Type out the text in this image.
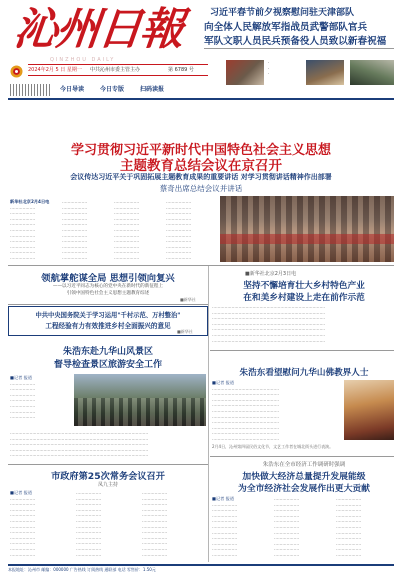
沁州日報
QINZHOU DAILY
2024年2月 5 日 星期一 中共沁州市委主管主办	第 6789 号
习近平春节前夕视察慰问驻天津部队
向全体人民解放军指战员武警部队官兵
军队文职人员民兵预备役人员致以新春祝福
·
·
·
今日导读	今日专版	扫码读报
学习贯彻习近平新时代中国特色社会主义思想
主题教育总结会议在京召开
会议传达习近平关于巩固拓展主题教育成果的重要讲话 对学习贯彻讲话精神作出部署
蔡奇出席总结会议并讲话
新华社北京2月4日电
………………
………………
………………
………………
………………
………………
………………
………………
………………
………………
………………
………………
………………
………………
………………
………………
………………
………………
………………
………………
………………
………………
………………
………………
………………
………………
………………
………………
………………
………………
………………
………………
………………
………………
………………
………………
………………
………………
………………
………………
………………
………………
………………
领航掌舵谋全局 思想引领向复兴
——以习近平同志为核心的党中央在新时代的新征程上
引领中国特色社会主义思想主题教育综述
■新华社
中共中央国务院关于学习运用"千村示范、万村整治"
工程经验有力有效推进乡村全面振兴的意见
■新华社
■新华社北京2月3日电
坚持不懈培育壮大乡村特色产业
在和美乡村建设上走在前作示范
………………………………………………………………………
………………………………………………………………………
………………………………………………………………………
………………………………………………………………………
………………………………………………………………………
………………………………………………………………………
………………………………………………………………………
朱浩东赴九华山风景区
督导检查景区旅游安全工作
■记者 报道
………………
………………
………………
………………
………………
………………
………………
………………………………………………………………………………………
………………………………………………………………………………………
………………………………………………………………………………………
………………………………………………………………………………………
………………………………………………………………………………………
朱浩东看望慰问九华山佛教界人士
■记者 报道
…………………………………………
…………………………………………
…………………………………………
…………………………………………
…………………………………………
…………………………………………
…………………………………………
…………………………………………
…………………………………………
…………………………………………
2月4日，沁州第四届民俗文化节，文艺工作者在城北街头进行表演。
市政府第25次常务会议召开
凤九主持
■记者 报道
………………
………………
………………
………………
………………
………………
………………
………………
………………
………………
………………
………………
………………
………………
………………
………………
………………
………………
………………
………………
………………
………………
………………
………………
………………
………………
………………
………………
………………
………………
………………
………………
………………
………………
………………
朱浩东在全市经济工作调研时强调
加快做大经济总量提升发展能级
为全市经济社会发展作出更大贡献
■记者 报道
………………
………………
………………
………………
………………
………………
………………
………………
………………
………………
………………
………………
………………
………………
………………
………………
………………
………………
………………
………………
………………
………………
………………
………………
………………
………………
………………
………………
………………
………………
………………
………………
本报地址：沁州市 邮编：000000 广告热线 订阅热线 通联部 电话 零售价：1.50元
